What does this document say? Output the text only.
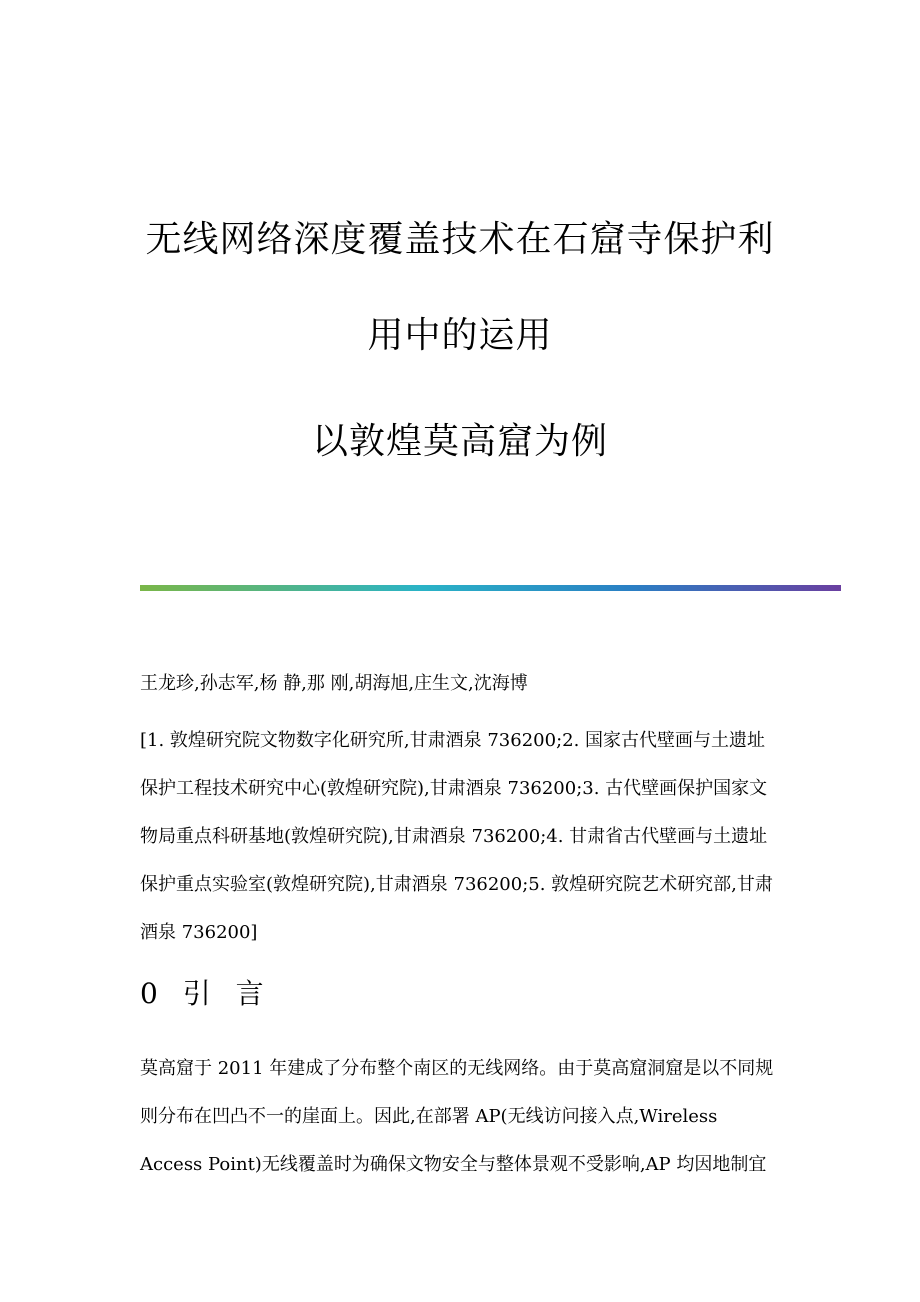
无线网络深度覆盖技术在石窟寺保护利
用中的运用
以敦煌莫高窟为例

王龙珍,孙志军,杨 静,那 刚,胡海旭,庄生文,沈海博

[1. 敦煌研究院文物数字化研究所,甘肃酒泉 736200;2. 国家古代壁画与土遗址保护工程技术研究中心(敦煌研究院),甘肃酒泉 736200;3. 古代壁画保护国家文物局重点科研基地(敦煌研究院),甘肃酒泉 736200;4. 甘肃省古代壁画与土遗址保护重点实验室(敦煌研究院),甘肃酒泉 736200;5. 敦煌研究院艺术研究部,甘肃酒泉 736200]

0 引 言

莫高窟于 2011 年建成了分布整个南区的无线网络。由于莫高窟洞窟是以不同规则分布在凹凸不一的崖面上。因此,在部署 AP(无线访问接入点,Wireless Access Point)无线覆盖时为确保文物安全与整体景观不受影响,AP 均因地制宜
